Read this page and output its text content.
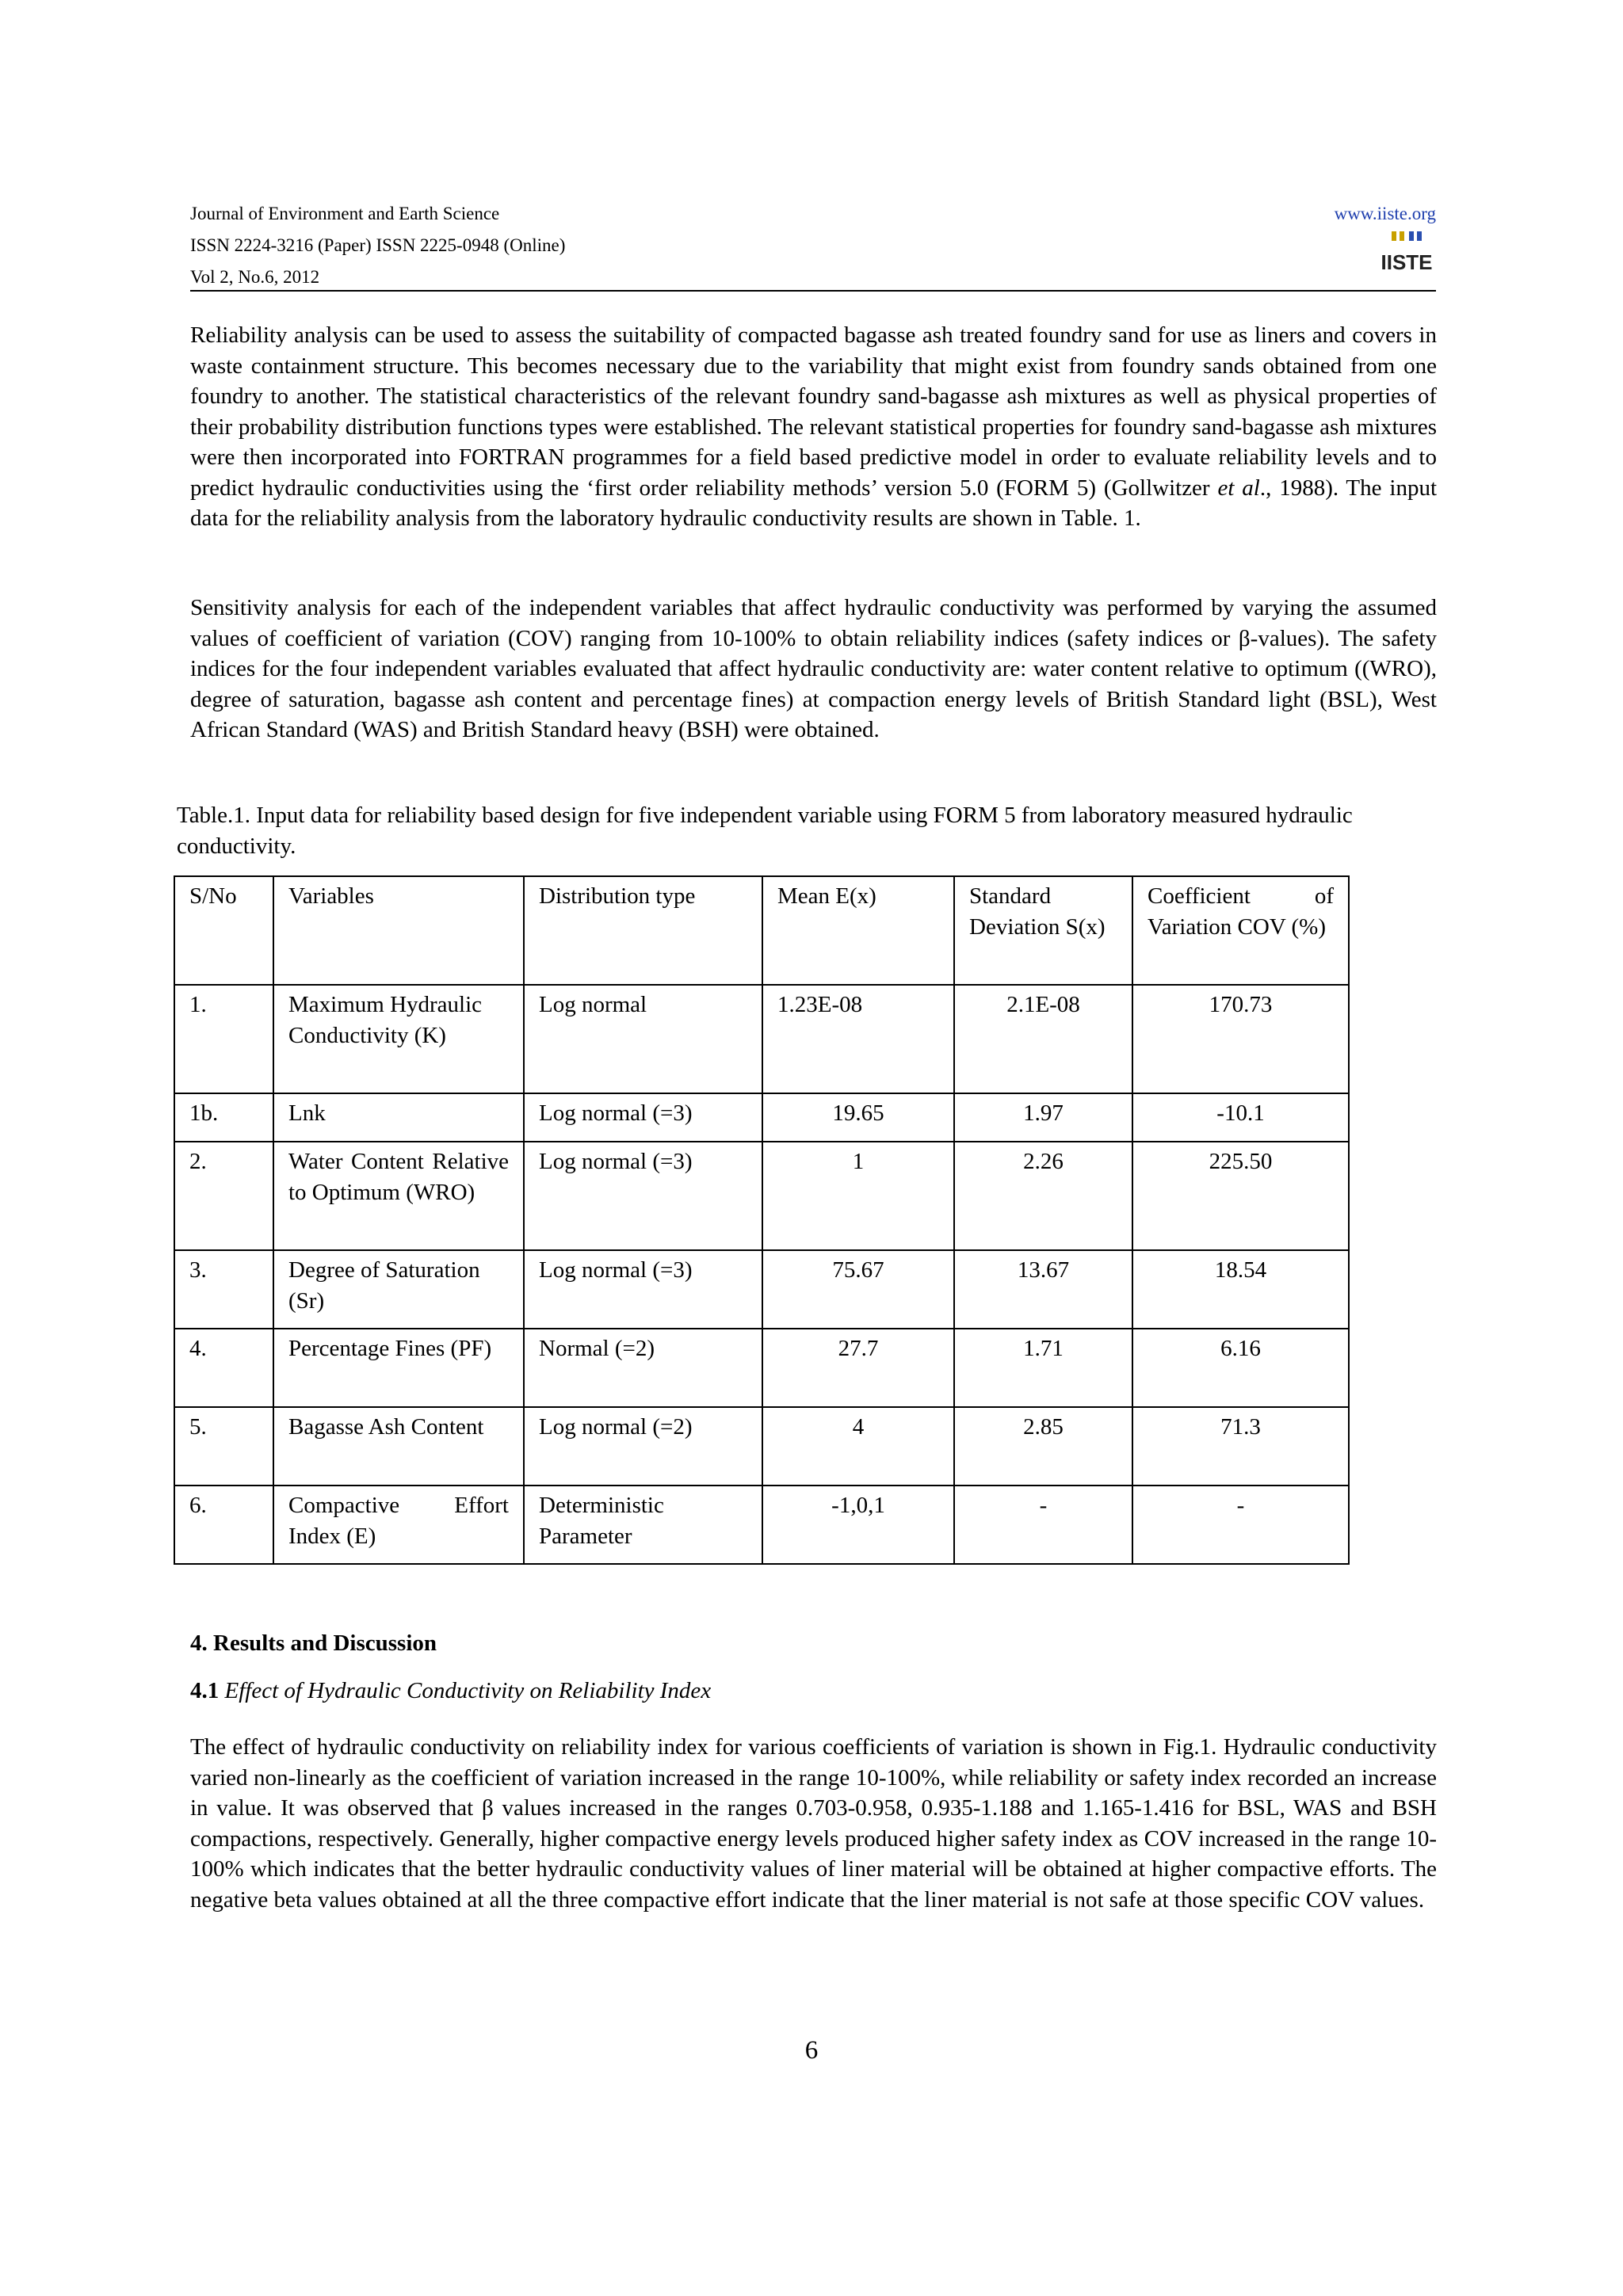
Journal of Environment and Earth Science
ISSN 2224-3216 (Paper) ISSN 2225-0948 (Online)
Vol 2, No.6, 2012
www.iiste.org
IISTE

Reliability analysis can be used to assess the suitability of compacted bagasse ash treated foundry sand for use as liners and covers in waste containment structure. This becomes necessary due to the variability that might exist from foundry sands obtained from one foundry to another. The statistical characteristics of the relevant foundry sand-bagasse ash mixtures as well as physical properties of their probability distribution functions types were established. The relevant statistical properties for foundry sand-bagasse ash mixtures were then incorporated into FORTRAN programmes for a field based predictive model in order to evaluate reliability levels and to predict hydraulic conductivities using the ‘first order reliability methods’ version 5.0 (FORM 5) (Gollwitzer et al., 1988). The input data for the reliability analysis from the laboratory hydraulic conductivity results are shown in Table. 1.

Sensitivity analysis for each of the independent variables that affect hydraulic conductivity was performed by varying the assumed values of coefficient of variation (COV) ranging from 10-100% to obtain reliability indices (safety indices or β-values). The safety indices for the four independent variables evaluated that affect hydraulic conductivity are: water content relative to optimum ((WRO), degree of saturation, bagasse ash content and percentage fines) at compaction energy levels of British Standard light (BSL), West African Standard (WAS) and British Standard heavy (BSH) were obtained.

Table.1. Input data for reliability based design for five independent variable using FORM 5 from laboratory measured hydraulic conductivity.
S/No	Variables	Distribution type	Mean E(x)	Standard Deviation S(x)	Coefficient of Variation COV (%)
1.	Maximum Hydraulic Conductivity (K)	Log normal	1.23E-08	2.1E-08	170.73
1b.	Lnk	Log normal (=3)	19.65	1.97	-10.1
2.	Water Content Relative to Optimum (WRO)	Log normal (=3)	1	2.26	225.50
3.	Degree of Saturation (Sr)	Log normal (=3)	75.67	13.67	18.54
4.	Percentage Fines (PF)	Normal (=2)	27.7	1.71	6.16
5.	Bagasse Ash Content	Log normal (=2)	4	2.85	71.3
6.	Compactive Effort Index (E)	Deterministic Parameter	-1,0,1	-	-
4. Results and Discussion
4.1 Effect of Hydraulic Conductivity on Reliability Index

The effect of hydraulic conductivity on reliability index for various coefficients of variation is shown in Fig.1. Hydraulic conductivity varied non-linearly as the coefficient of variation increased in the range 10-100%, while reliability or safety index recorded an increase in value. It was observed that β values increased in the ranges 0.703-0.958, 0.935-1.188 and 1.165-1.416 for BSL, WAS and BSH compactions, respectively. Generally, higher compactive energy levels produced higher safety index as COV increased in the range 10-100% which indicates that the better hydraulic conductivity values of liner material will be obtained at higher compactive efforts. The negative beta values obtained at all the three compactive effort indicate that the liner material is not safe at those specific COV values.

6
